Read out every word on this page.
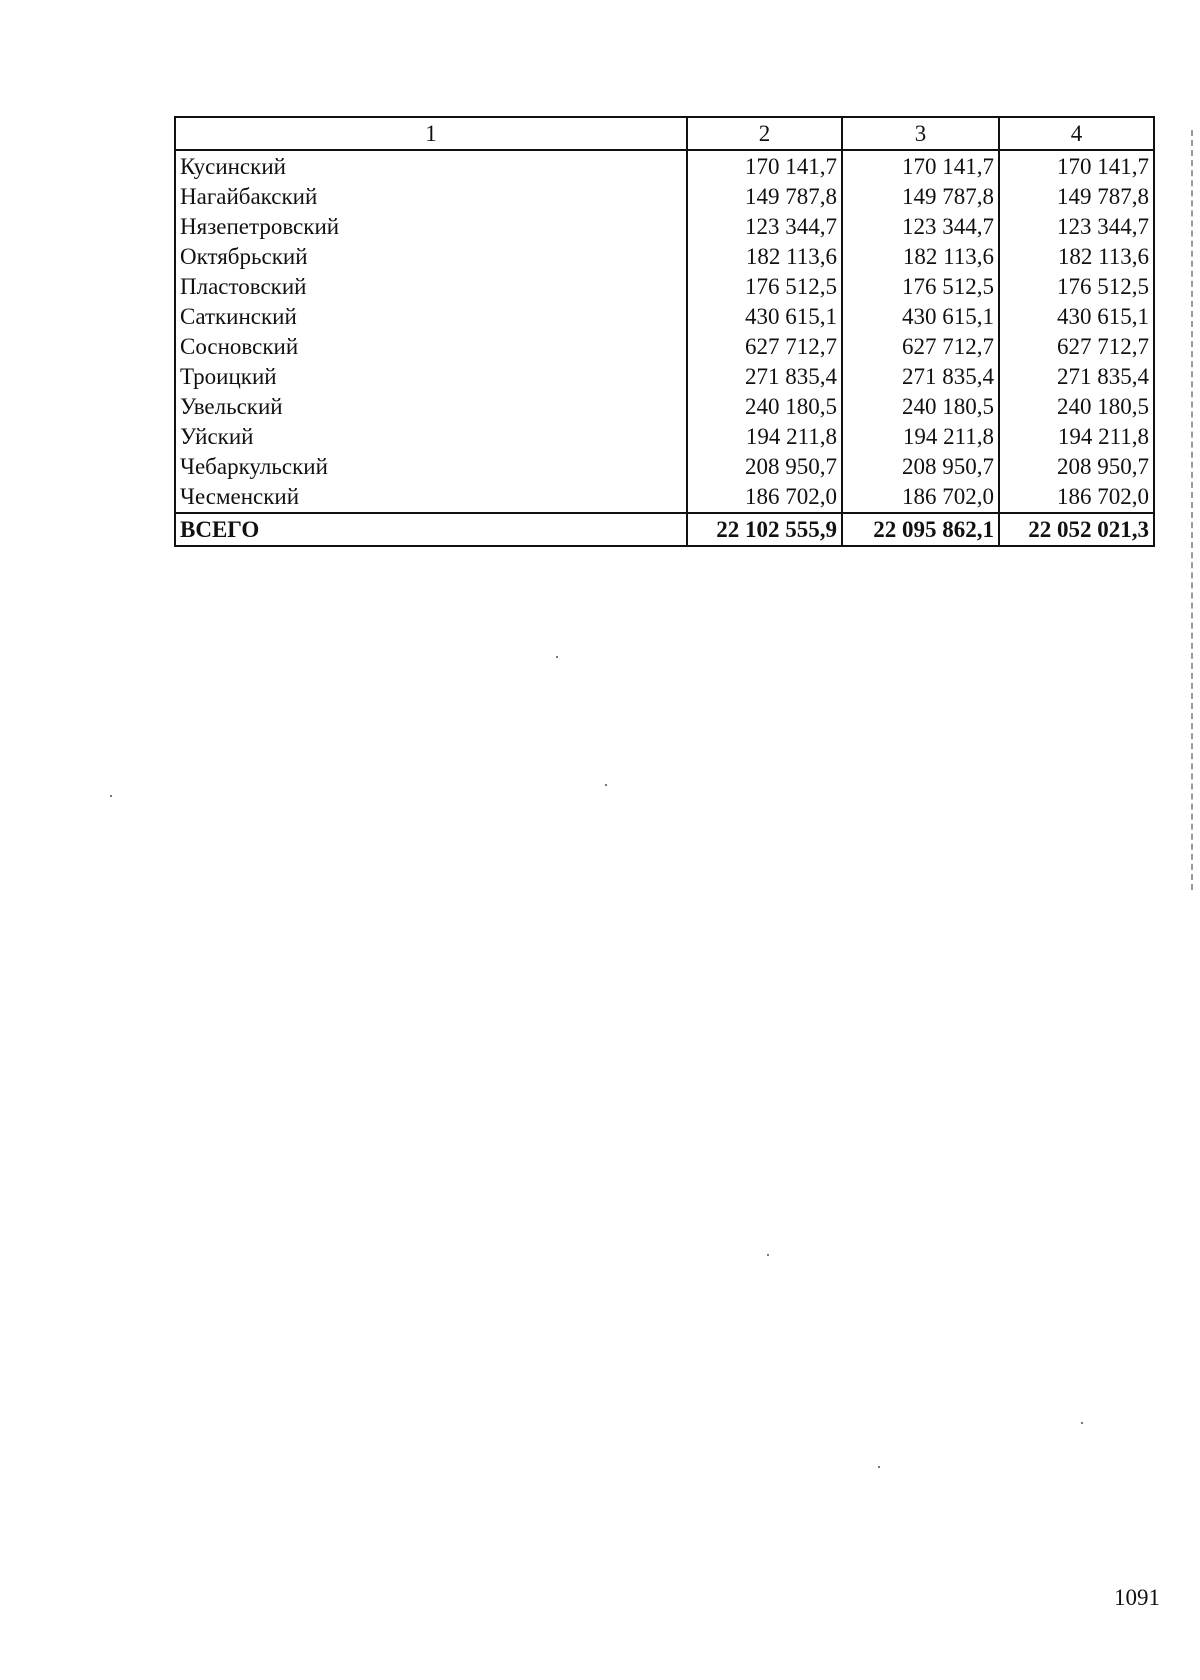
1	2	3	4
Кусинский	170 141,7	170 141,7	170 141,7
Нагайбакский	149 787,8	149 787,8	149 787,8
Нязепетровский	123 344,7	123 344,7	123 344,7
Октябрьский	182 113,6	182 113,6	182 113,6
Пластовский	176 512,5	176 512,5	176 512,5
Саткинский	430 615,1	430 615,1	430 615,1
Сосновский	627 712,7	627 712,7	627 712,7
Троицкий	271 835,4	271 835,4	271 835,4
Увельский	240 180,5	240 180,5	240 180,5
Уйский	194 211,8	194 211,8	194 211,8
Чебаркульский	208 950,7	208 950,7	208 950,7
Чесменский	186 702,0	186 702,0	186 702,0
ВСЕГО	22 102 555,9	22 095 862,1	22 052 021,3
1091
